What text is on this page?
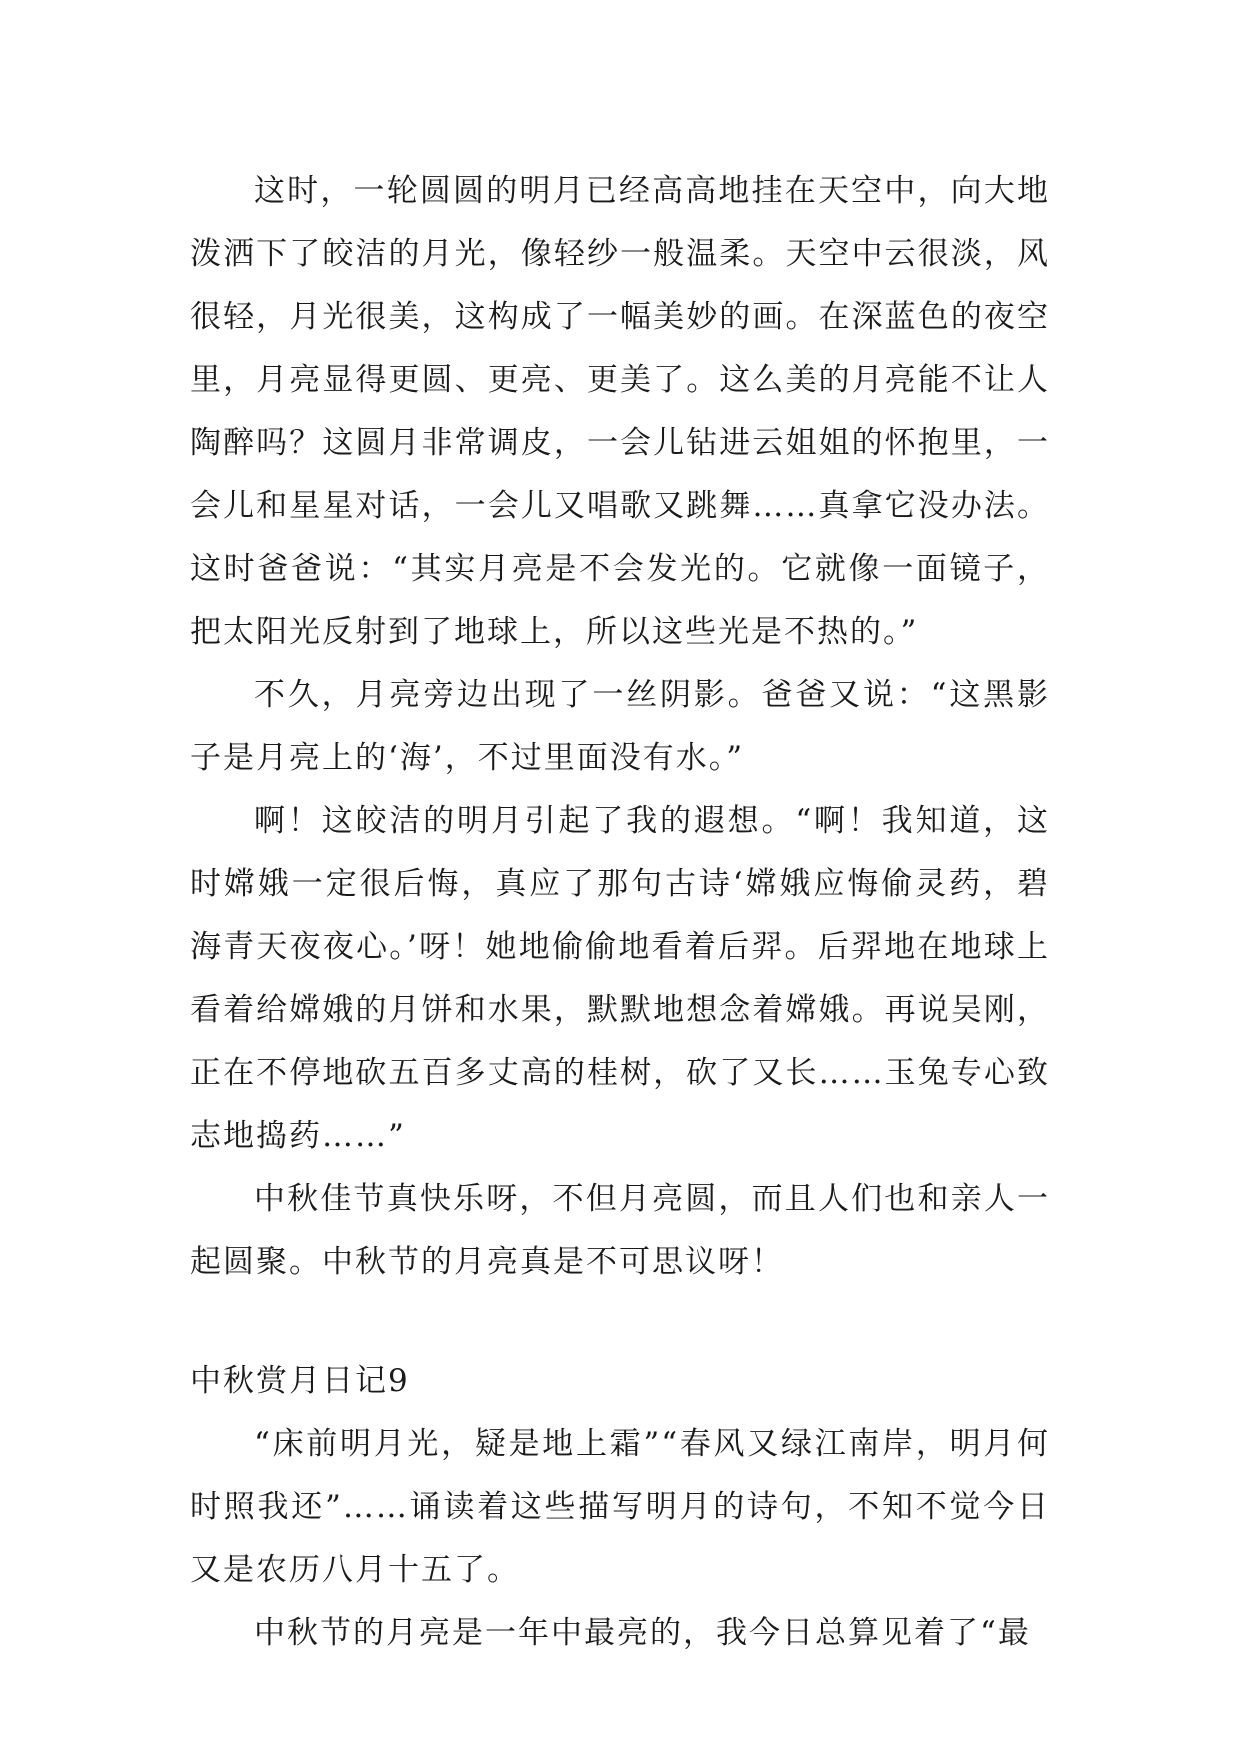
这时，一轮圆圆的明月已经高高地挂在天空中，向大地泼洒下了皎洁的月光，像轻纱一般温柔。天空中云很淡，风很轻，月光很美，这构成了一幅美妙的画。在深蓝色的夜空里，月亮显得更圆、更亮、更美了。这么美的月亮能不让人陶醉吗？这圆月非常调皮，一会儿钻进云姐姐的怀抱里，一会儿和星星对话，一会儿又唱歌又跳舞……真拿它没办法。这时爸爸说：“其实月亮是不会发光的。它就像一面镜子，把太阳光反射到了地球上，所以这些光是不热的。”

不久，月亮旁边出现了一丝阴影。爸爸又说：“这黑影子是月亮上的‘海’，不过里面没有水。”

啊！这皎洁的明月引起了我的遐想。“啊！我知道，这时嫦娥一定很后悔，真应了那句古诗‘嫦娥应悔偷灵药，碧海青天夜夜心。’呀！她地偷偷地看着后羿。后羿地在地球上看着给嫦娥的月饼和水果，默默地想念着嫦娥。再说吴刚，正在不停地砍五百多丈高的桂树，砍了又长……玉兔专心致志地捣药……”

中秋佳节真快乐呀，不但月亮圆，而且人们也和亲人一起圆聚。中秋节的月亮真是不可思议呀！

中秋赏月日记9

“床前明月光，疑是地上霜”“春风又绿江南岸，明月何时照我还”……诵读着这些描写明月的诗句，不知不觉今日又是农历八月十五了。

中秋节的月亮是一年中最亮的，我今日总算见着了“最
